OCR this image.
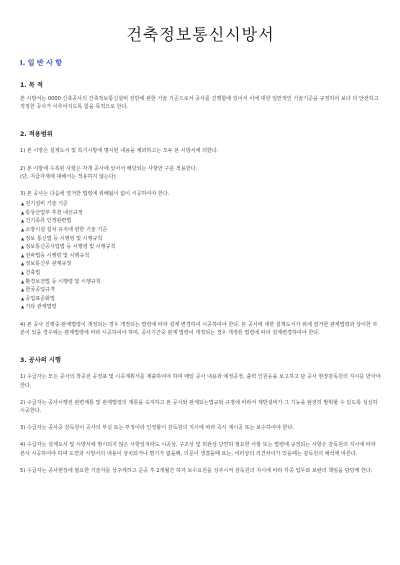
건축정보통신시방서
I. 일 반 사 항
1. 목 적
본 시방서는 0000 신축공사의 건축정보통신설비 전반에 관한 기술 기준으로서 공사를 진행함에 있어서 이에 대한 일반적인 기술기준을 규정하여 보다 더 안전하고 적정한 공사가 이루어지도록 함을 목적으로 한다.
2. 적용범위
1) 본 시방은 설계도서 및 특기시방에 명시된 내용을 제외하고는 모두 본 시방서에 의한다.
2) 본 시방에 수록된 사항은 각개 공사에 있어서 해당되는 사항만 구분 적용한다.
(단, 지급자재에 대해서는 적용하지 않는다)
3) 본 공사는 다음에 열거한 법령에 위배됨이 없이 시공하여야 한다.
▲ 전기설비 기술 기준
▲ 통상산업부 추천 내선규정
▲ 건기종류 인정관련법
▲ 소방시설 설치 유지에 관한 기술 기준
▲ 정보 통신법 등 시행령 및 시행규칙
▲ 정보통신공사업법 등 시행령 및 시행규칙
▲ 전파법등 시행령 및 시행규칙
▲ 정보통신부 관계규정
▲ 건축법
▲ 환경보전법 등 시행령 및 시행규칙
▲ 한국공업규격
▲ 공업표준화법
▲ 기타 관계법령
4) 본 공사 진행중 관계법령이 개정되는 경우 개정되는 법령에 따라 설계 변경하여 시공하여야 한다. 본 공사에 대한 설계도서가 위에 열거한 관계법령과 상이한 부분이 있을 경우에는 관계법령에 따라 시공하여야 하며, 공사기간중 관계 법령이 개정되는 경우 개정된 법령에 따라 설계변경하여야 한다.
3. 공사의 시행
1) 수급자는 모든 공사의 착공전 공정표 및 시공계획서를 제출하여야 하며 매일 공사 내용과 예정공정, 출력 인원등을 보고하고 담 공사 현장감독원의 지시를 받아야 한다.
2) 수급자는 공사시행전 관련계통 및 관계법령의 계통을 숙지하고 본 공사와 관계되는법규와 규정에 따라서 제반설비가 그 기능을 완전히 발휘할 수 있도록 성실히 시공한다.
3) 수급자는 공사중 감독원이 공사의 부실 또는 부정이라 인정할시 감독원의 지시에 따라 즉시 재시공 또는 보수하여야 한다.
4) 수급자는 설계도서 및 시방서에 명시되지 않은 사항일지라도 시공상, 구조상 및 외관상 당연히 필요한 사항 또는 법령에 규정되는 사항은 감독원의 지시에 따라 본사 시공하여야 하며 도면과 시방서의 내용이 상치되거나 명기가 없을때, 의문이 생겼을때 또는, 여러상의 의견차이가 있을때는 감독원의 해석에 따른다.
5) 수급자는 공사현장에 필요한 기술자를 상주케하고 준공 후 2개월간 하자 보수요원을 상주시켜 감독원의 지시에 따라 각종 업무와 보완의 책임을 담당케 한다.
